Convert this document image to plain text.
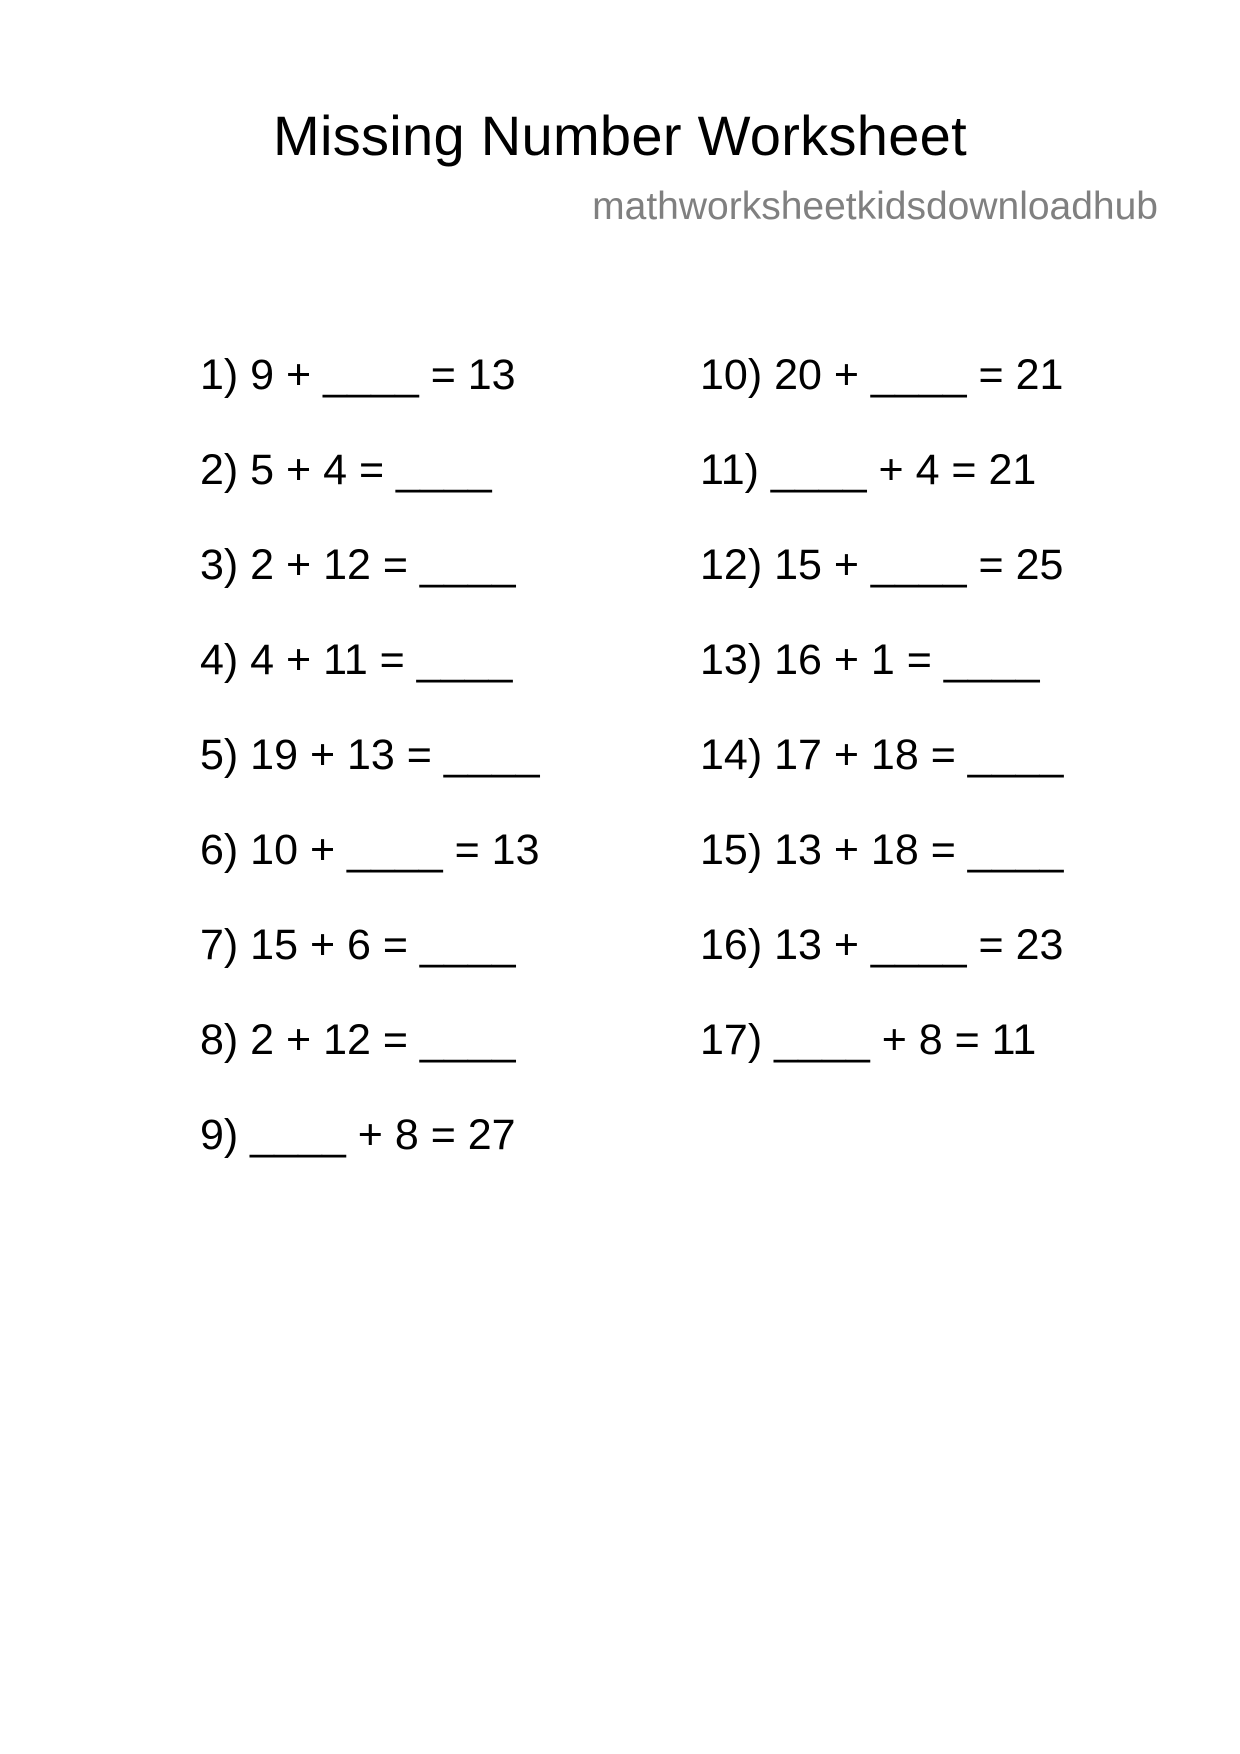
Missing Number Worksheet

mathworksheetkidsdownloadhub

1) 9 + ____ = 13
2) 5 + 4 = ____
3) 2 + 12 = ____
4) 4 + 11 = ____
5) 19 + 13 = ____
6) 10 + ____ = 13
7) 15 + 6 = ____
8) 2 + 12 = ____
9) ____ + 8 = 27
10) 20 + ____ = 21
11) ____ + 4 = 21
12) 15 + ____ = 25
13) 16 + 1 = ____
14) 17 + 18 = ____
15) 13 + 18 = ____
16) 13 + ____ = 23
17) ____ + 8 = 11
